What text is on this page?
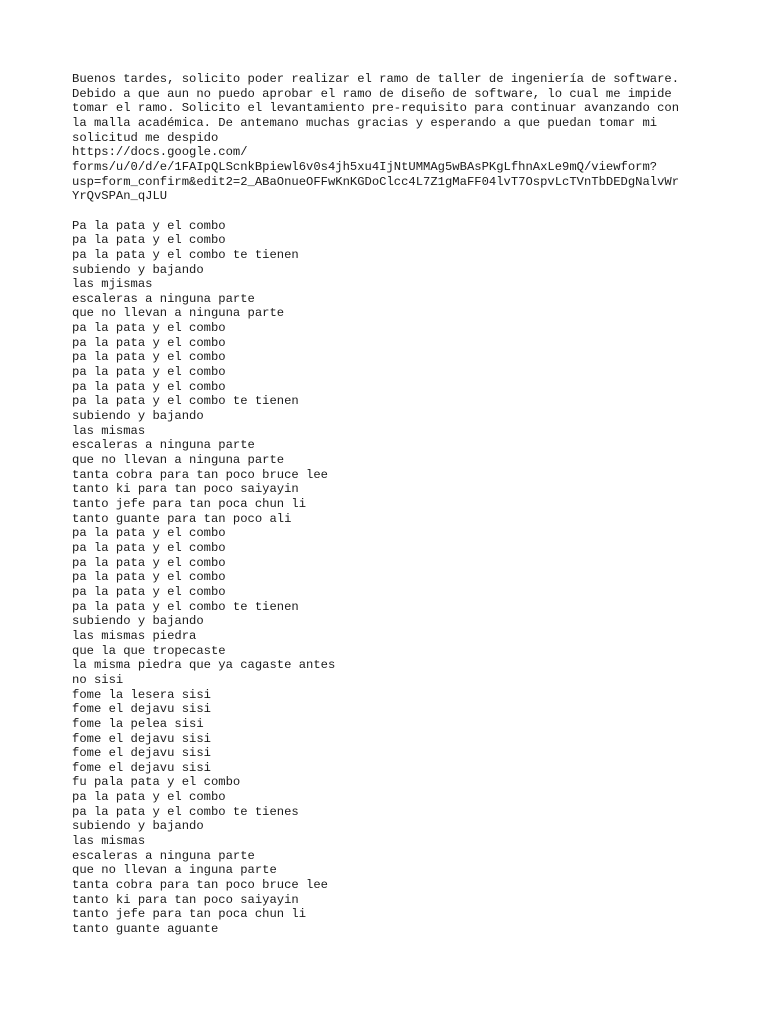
Buenos tardes, solicito poder realizar el ramo de taller de ingeniería de software.
Debido a que aun no puedo aprobar el ramo de diseño de software, lo cual me impide
tomar el ramo. Solicito el levantamiento pre-requisito para continuar avanzando con
la malla académica. De antemano muchas gracias y esperando a que puedan tomar mi
solicitud me despido
https://docs.google.com/
forms/u/0/d/e/1FAIpQLScnkBpiewl6v0s4jh5xu4IjNtUMMAg5wBAsPKgLfhnAxLe9mQ/viewform?
usp=form_confirm&edit2=2_ABaOnueOFFwKnKGDoClcc4L7Z1gMaFF04lvT7OspvLcTVnTbDEDgNalvWr
YrQvSPAn_qJLU
Pa la pata y el combo
pa la pata y el combo
pa la pata y el combo te tienen
subiendo y bajando
las mjismas
escaleras a ninguna parte
que no llevan a ninguna parte
pa la pata y el combo
pa la pata y el combo
pa la pata y el combo
pa la pata y el combo
pa la pata y el combo
pa la pata y el combo te tienen
subiendo y bajando
las mismas
escaleras a ninguna parte
que no llevan a ninguna parte
tanta cobra para tan poco bruce lee
tanto ki para tan poco saiyayin
tanto jefe para tan poca chun li
tanto guante para tan poco ali
pa la pata y el combo
pa la pata y el combo
pa la pata y el combo
pa la pata y el combo
pa la pata y el combo
pa la pata y el combo te tienen
subiendo y bajando
las mismas piedra
que la que tropecaste
la misma piedra que ya cagaste antes
no sisi
fome la lesera sisi
fome el dejavu sisi
fome la pelea sisi
fome el dejavu sisi
fome el dejavu sisi
fome el dejavu sisi
fu pala pata y el combo
pa la pata y el combo
pa la pata y el combo te tienes
subiendo y bajando
las mismas
escaleras a ninguna parte
que no llevan a inguna parte
tanta cobra para tan poco bruce lee
tanto ki para tan poco saiyayin
tanto jefe para tan poca chun li
tanto guante aguante
